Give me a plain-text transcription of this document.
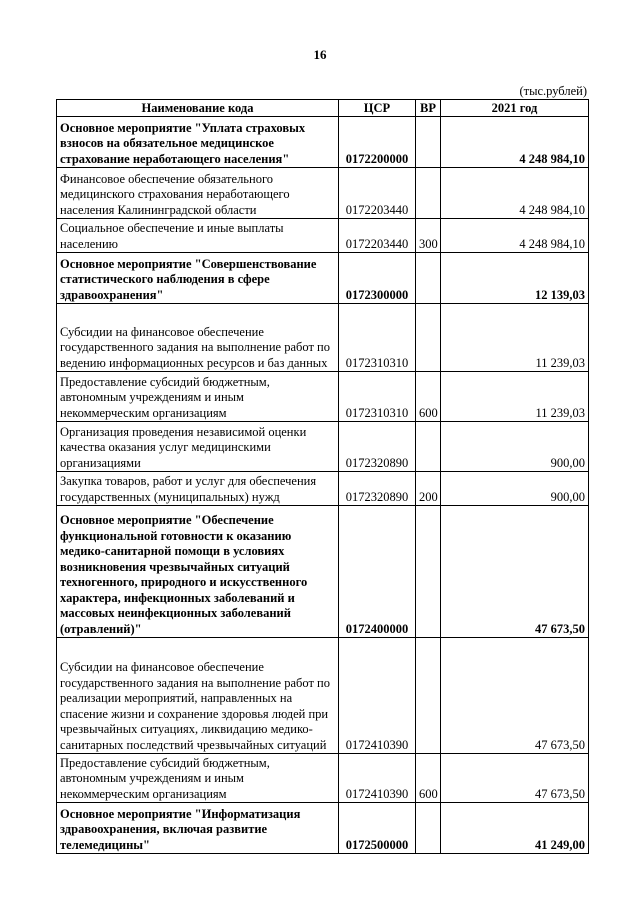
16
(тыс.рублей)
Наименование кода	ЦСР	ВР	2021 год
Основное мероприятие "Уплата страховых взносов на обязательное медицинское страхование неработающего населения"	0172200000		4 248 984,10
Финансовое обеспечение обязательного медицинского страхования неработающего населения Калининградской области	0172203440		4 248 984,10
Социальное обеспечение и иные выплаты населению	0172203440	300	4 248 984,10
Основное мероприятие "Совершенствование статистического наблюдения в сфере здравоохранения"	0172300000		12 139,03
Субсидии на финансовое обеспечение государственного задания на выполнение работ по ведению информационных ресурсов и баз данных	0172310310		11 239,03
Предоставление субсидий бюджетным, автономным учреждениям и иным некоммерческим организациям	0172310310	600	11 239,03
Организация проведения независимой оценки качества оказания услуг медицинскими организациями	0172320890		900,00
Закупка товаров, работ и услуг для обеспечения государственных (муниципальных) нужд	0172320890	200	900,00
Основное мероприятие "Обеспечение функциональной готовности к оказанию медико-санитарной помощи в условиях возникновения чрезвычайных ситуаций техногенного, природного и искусственного характера, инфекционных заболеваний и массовых неинфекционных заболеваний (отравлений)"	0172400000		47 673,50
Субсидии на финансовое обеспечение государственного задания на выполнение работ по реализации мероприятий, направленных на спасение жизни и сохранение здоровья людей при чрезвычайных ситуациях, ликвидацию медико-санитарных последствий чрезвычайных ситуаций	0172410390		47 673,50
Предоставление субсидий бюджетным, автономным учреждениям и иным некоммерческим организациям	0172410390	600	47 673,50
Основное мероприятие "Информатизация здравоохранения, включая развитие телемедицины"	0172500000		41 249,00
